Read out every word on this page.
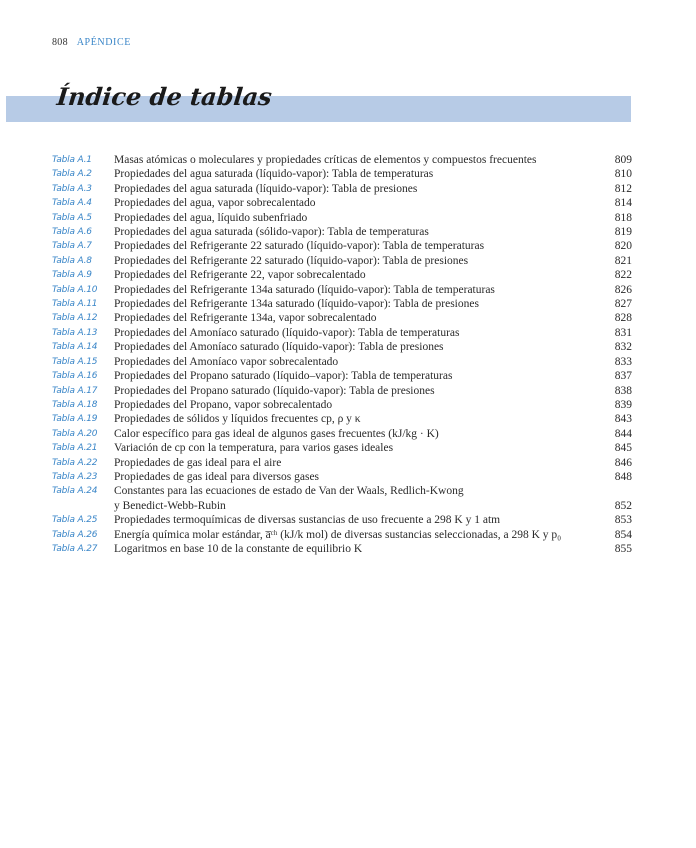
808 APÉNDICE
Índice de tablas
Tabla A.1	Masas atómicas o moleculares y propiedades críticas de elementos y compuestos frecuentes	809
Tabla A.2	Propiedades del agua saturada (líquido-vapor): Tabla de temperaturas	810
Tabla A.3	Propiedades del agua saturada (líquido-vapor): Tabla de presiones	812
Tabla A.4	Propiedades del agua, vapor sobrecalentado	814
Tabla A.5	Propiedades del agua, líquido subenfriado	818
Tabla A.6	Propiedades del agua saturada (sólido-vapor): Tabla de temperaturas	819
Tabla A.7	Propiedades del Refrigerante 22 saturado (líquido-vapor): Tabla de temperaturas	820
Tabla A.8	Propiedades del Refrigerante 22 saturado (líquido-vapor): Tabla de presiones	821
Tabla A.9	Propiedades del Refrigerante 22, vapor sobrecalentado	822
Tabla A.10	Propiedades del Refrigerante 134a saturado (líquido-vapor): Tabla de temperaturas	826
Tabla A.11	Propiedades del Refrigerante 134a saturado (líquido-vapor): Tabla de presiones	827
Tabla A.12	Propiedades del Refrigerante 134a, vapor sobrecalentado	828
Tabla A.13	Propiedades del Amoníaco saturado (líquido-vapor): Tabla de temperaturas	831
Tabla A.14	Propiedades del Amoníaco saturado (líquido-vapor): Tabla de presiones	832
Tabla A.15	Propiedades del Amoníaco vapor sobrecalentado	833
Tabla A.16	Propiedades del Propano saturado (líquido–vapor): Tabla de temperaturas	837
Tabla A.17	Propiedades del Propano saturado (líquido-vapor): Tabla de presiones	838
Tabla A.18	Propiedades del Propano, vapor sobrecalentado	839
Tabla A.19	Propiedades de sólidos y líquidos frecuentes cp, ρ y κ	843
Tabla A.20	Calor específico para gas ideal de algunos gases frecuentes (kJ/kg · K)	844
Tabla A.21	Variación de cp con la temperatura, para varios gases ideales	845
Tabla A.22	Propiedades de gas ideal para el aire	846
Tabla A.23	Propiedades de gas ideal para diversos gases	848
Tabla A.24	Constantes para las ecuaciones de estado de Van der Waals, Redlich-Kwong
y Benedict-Webb-Rubin	852
Tabla A.25	Propiedades termoquímicas de diversas sustancias de uso frecuente a 298 K y 1 atm	853
Tabla A.26	Energía química molar estándar, a̅ᶜʰ (kJ/k mol) de diversas sustancias seleccionadas, a 298 K y p₀	854
Tabla A.27	Logaritmos en base 10 de la constante de equilibrio K	855
